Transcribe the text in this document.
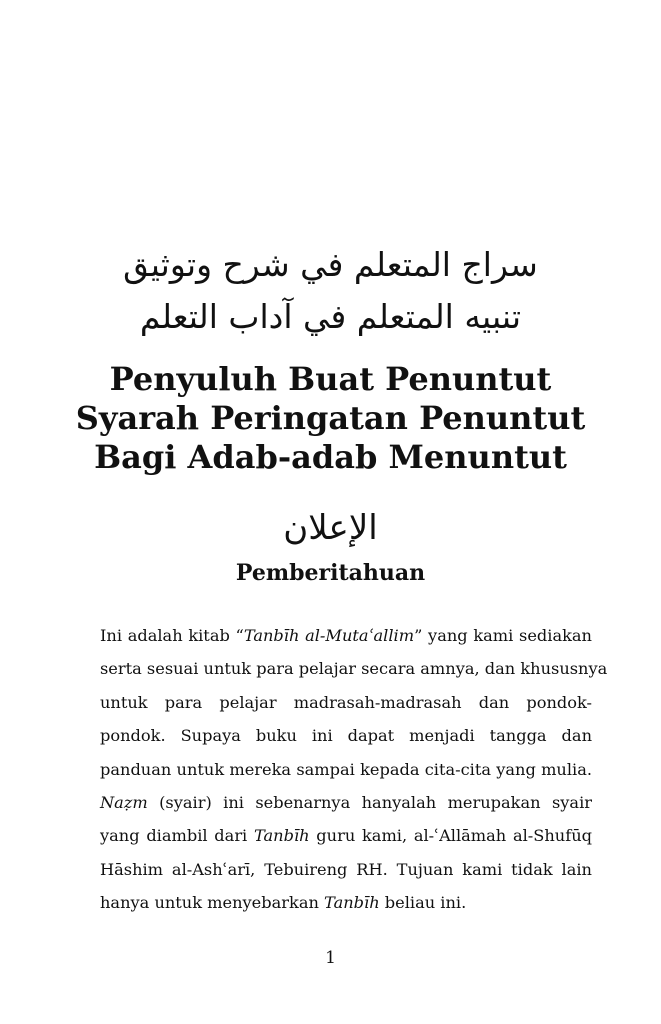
سراج المتعلم في شرح وتوثيق
تنبيه المتعلم في آداب التعلم
Penyuluh Buat Penuntut
Syarah Peringatan Penuntut
Bagi Adab-adab Menuntut
الإعلان
Pemberitahuan
Ini adalah kitab “Tanbīh al-Mutaʿallim” yang kami sediakan
serta sesuai untuk para pelajar secara amnya, dan khususnya
untuk para pelajar madrasah-madrasah dan pondok-
pondok. Supaya buku ini dapat menjadi tangga dan
panduan untuk mereka sampai kepada cita-cita yang mulia.
Naẓm (syair) ini sebenarnya hanyalah merupakan syair
yang diambil dari Tanbīh guru kami, al-ʿAllāmah al-Shufūq
Hāshim al-Ashʿarī, Tebuireng RH. Tujuan kami tidak lain
hanya untuk menyebarkan Tanbīh beliau ini.
1
